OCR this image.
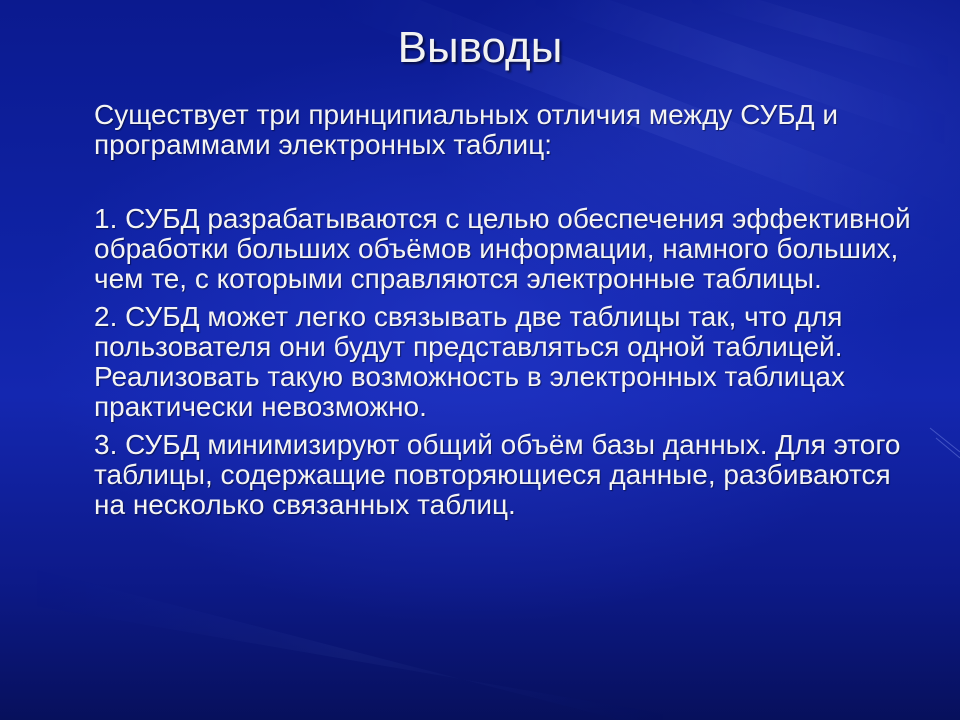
Выводы

Существует три принципиальных отличия между СУБД и программами электронных таблиц:

1. СУБД разрабатываются с целью обеспечения эффективной обработки больших объёмов информации, намного больших, чем те, с которыми справляются электронные таблицы.

2. СУБД может легко связывать две таблицы так, что для пользователя они будут представляться одной таблицей. Реализовать такую возможность в электронных таблицах практически невозможно.

3. СУБД минимизируют общий объём базы данных. Для этого таблицы, содержащие повторяющиеся данные, разбиваются на несколько связанных таблиц.
